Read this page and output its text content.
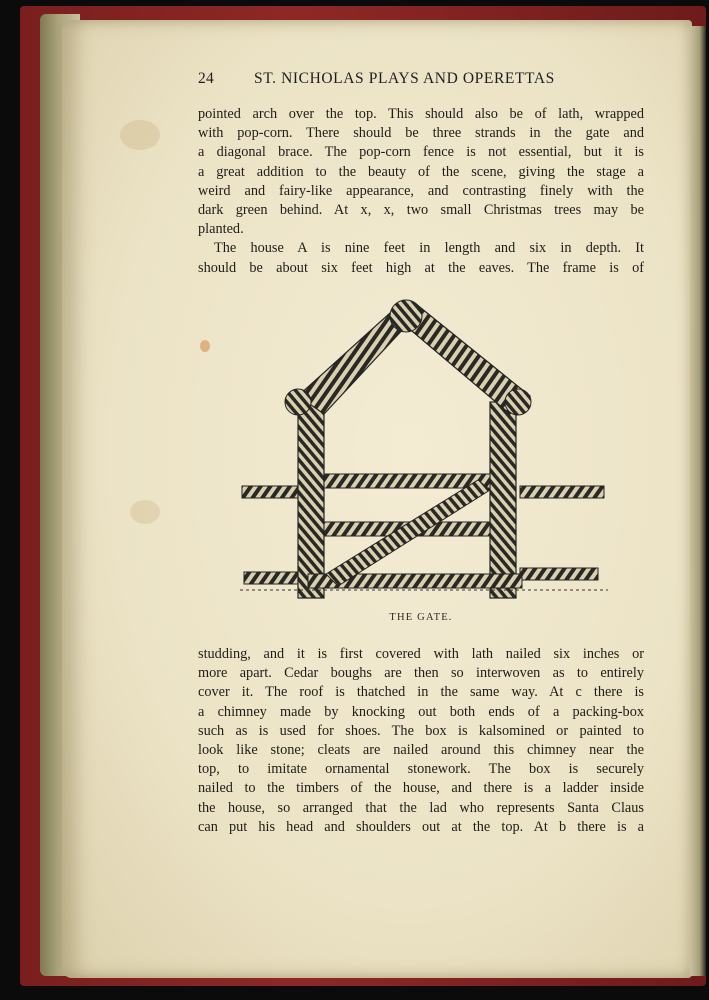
24	ST. NICHOLAS PLAYS AND OPERETTAS
pointed arch over the top. This should also be of lath, wrapped
with pop-corn. There should be three strands in the gate and
a diagonal brace. The pop-corn fence is not essential, but it is
a great addition to the beauty of the scene, giving the stage a
weird and fairy-like appearance, and contrasting finely with the
dark green behind. At x, x, two small Christmas trees may be
planted.
The house A is nine feet in length and six in depth. It
should be about six feet high at the eaves. The frame is of
THE GATE.
studding, and it is first covered with lath nailed six inches or
more apart. Cedar boughs are then so interwoven as to entirely
cover it. The roof is thatched in the same way. At c there is
a chimney made by knocking out both ends of a packing-box
such as is used for shoes. The box is kalsomined or painted to
look like stone; cleats are nailed around this chimney near the
top, to imitate ornamental stonework. The box is securely
nailed to the timbers of the house, and there is a ladder inside
the house, so arranged that the lad who represents Santa Claus
can put his head and shoulders out at the top. At b there is a
